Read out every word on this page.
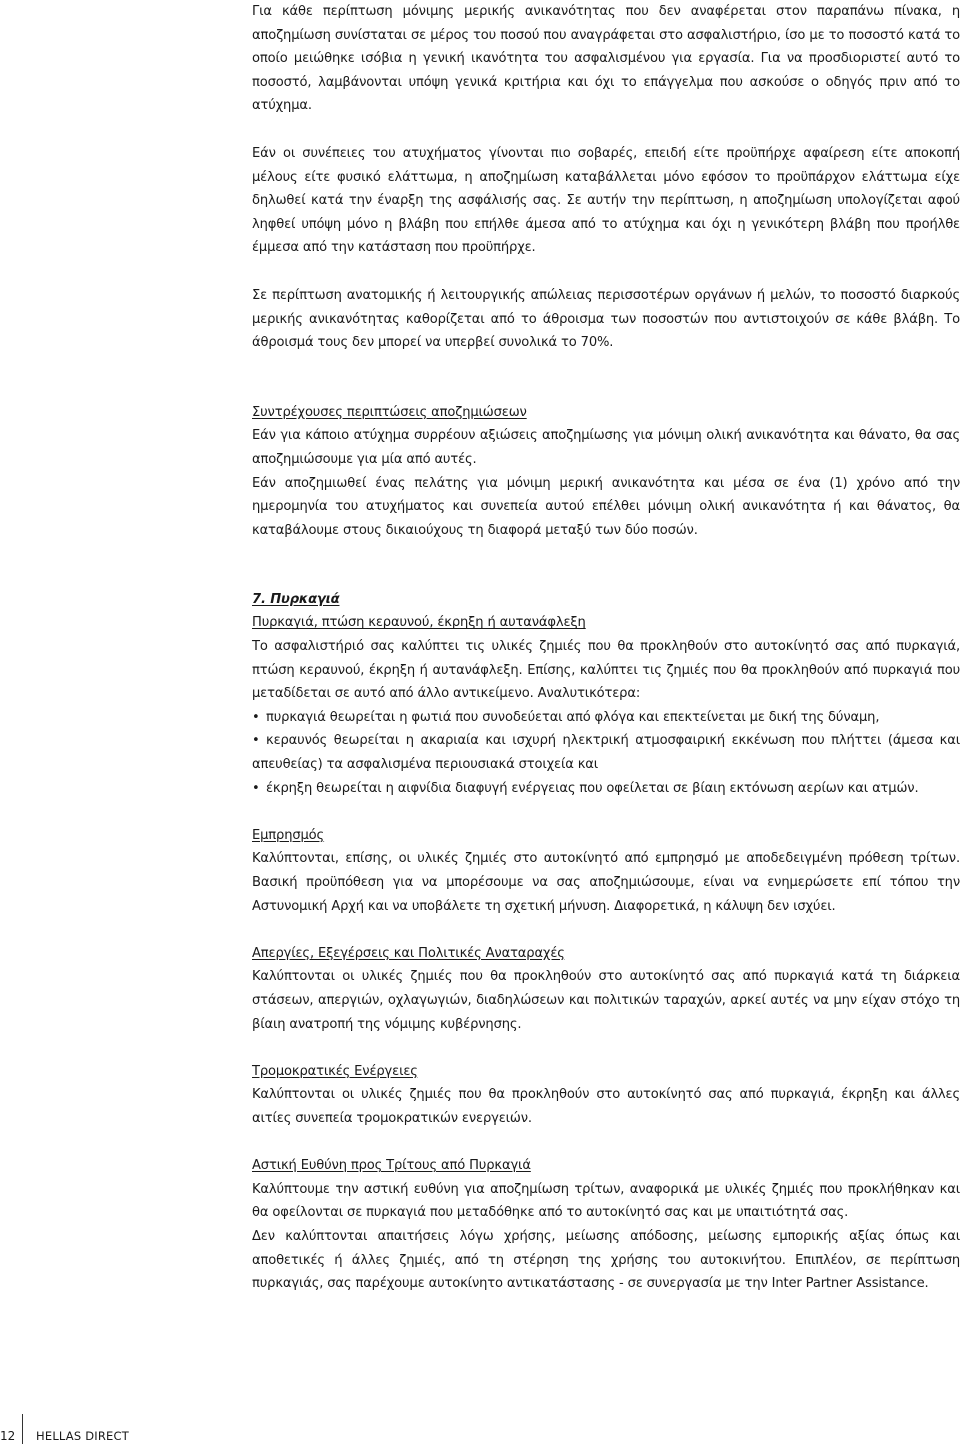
Για κάθε περίπτωση μόνιμης μερικής ανικανότητας που δεν αναφέρεται στον παραπάνω πίνακα, η αποζημίωση συνίσταται σε μέρος του ποσού που αναγράφεται στο ασφαλιστήριο, ίσο με το ποσοστό κατά το οποίο μειώθηκε ισόβια η γενική ικανότητα του ασφαλισμένου για εργασία. Για να προσδιοριστεί αυτό το ποσοστό, λαμβάνονται υπόψη γενικά κριτήρια και όχι το επάγγελμα που ασκούσε ο οδηγός πριν από το ατύχημα.

Εάν οι συνέπειες του ατυχήματος γίνονται πιο σοβαρές, επειδή είτε προϋπήρχε αφαίρεση είτε αποκοπή μέλους είτε φυσικό ελάττωμα, η αποζημίωση καταβάλλεται μόνο εφόσον το προϋπάρχον ελάττωμα είχε δηλωθεί κατά την έναρξη της ασφάλισής σας. Σε αυτήν την περίπτωση, η αποζημίωση υπολογίζεται αφού ληφθεί υπόψη μόνο η βλάβη που επήλθε άμεσα από το ατύχημα και όχι η γενικότερη βλάβη που προήλθε έμμεσα από την κατάσταση που προϋπήρχε.

Σε περίπτωση ανατομικής ή λειτουργικής απώλειας περισσοτέρων οργάνων ή μελών, το ποσοστό διαρκούς μερικής ανικανότητας καθορίζεται από το άθροισμα των ποσοστών που αντιστοιχούν σε κάθε βλάβη. Το άθροισμά τους δεν μπορεί να υπερβεί συνολικά το 70%.

Συντρέχουσες περιπτώσεις αποζημιώσεων

Εάν για κάποιο ατύχημα συρρέουν αξιώσεις αποζημίωσης για μόνιμη ολική ανικανότητα και θάνατο, θα σας αποζημιώσουμε για μία από αυτές.

Εάν αποζημιωθεί ένας πελάτης για μόνιμη μερική ανικανότητα και μέσα σε ένα (1) χρόνο από την ημερομηνία του ατυχήματος και συνεπεία αυτού επέλθει μόνιμη ολική ανικανότητα ή και θάνατος, θα καταβάλουμε στους δικαιούχους τη διαφορά μεταξύ των δύο ποσών.

7. Πυρκαγιά

Πυρκαγιά, πτώση κεραυνού, έκρηξη ή αυτανάφλεξη

Το ασφαλιστήριό σας καλύπτει τις υλικές ζημιές που θα προκληθούν στο αυτοκίνητό σας από πυρκαγιά, πτώση κεραυνού, έκρηξη ή αυτανάφλεξη. Επίσης, καλύπτει τις ζημιές που θα προκληθούν από πυρκαγιά που μεταδίδεται σε αυτό από άλλο αντικείμενο. Αναλυτικότερα:

• πυρκαγιά θεωρείται η φωτιά που συνοδεύεται από φλόγα και επεκτείνεται με δική της δύναμη,
• κεραυνός θεωρείται η ακαριαία και ισχυρή ηλεκτρική ατμοσφαιρική εκκένωση που πλήττει (άμεσα και απευθείας) τα ασφαλισμένα περιουσιακά στοιχεία και
• έκρηξη θεωρείται η αιφνίδια διαφυγή ενέργειας που οφείλεται σε βίαιη εκτόνωση αερίων και ατμών.

Εμπρησμός

Καλύπτονται, επίσης, οι υλικές ζημιές στο αυτοκίνητό από εμπρησμό με αποδεδειγμένη πρόθεση τρίτων. Βασική προϋπόθεση για να μπορέσουμε να σας αποζημιώσουμε, είναι να ενημερώσετε επί τόπου την Αστυνομική Αρχή και να υποβάλετε τη σχετική μήνυση. Διαφορετικά, η κάλυψη δεν ισχύει.

Απεργίες, Εξεγέρσεις και Πολιτικές Αναταραχές

Καλύπτονται οι υλικές ζημιές που θα προκληθούν στο αυτοκίνητό σας από πυρκαγιά κατά τη διάρκεια στάσεων, απεργιών, οχλαγωγιών, διαδηλώσεων και πολιτικών ταραχών, αρκεί αυτές να μην είχαν στόχο τη βίαιη ανατροπή της νόμιμης κυβέρνησης.

Τρομοκρατικές Ενέργειες

Καλύπτονται οι υλικές ζημιές που θα προκληθούν στο αυτοκίνητό σας από πυρκαγιά, έκρηξη και άλλες αιτίες συνεπεία τρομοκρατικών ενεργειών.

Αστική Ευθύνη προς Τρίτους από Πυρκαγιά

Καλύπτουμε την αστική ευθύνη για αποζημίωση τρίτων, αναφορικά με υλικές ζημιές που προκλήθηκαν και θα οφείλονται σε πυρκαγιά που μεταδόθηκε από το αυτοκίνητό σας και με υπαιτιότητά σας.

Δεν καλύπτονται απαιτήσεις λόγω χρήσης, μείωσης απόδοσης, μείωσης εμπορικής αξίας όπως και αποθετικές ή άλλες ζημιές, από τη στέρηση της χρήσης του αυτοκινήτου. Επιπλέον, σε περίπτωση πυρκαγιάς, σας παρέχουμε αυτοκίνητο αντικατάστασης - σε συνεργασία με την Inter Partner Assistance.

12	HELLAS DIRECT
